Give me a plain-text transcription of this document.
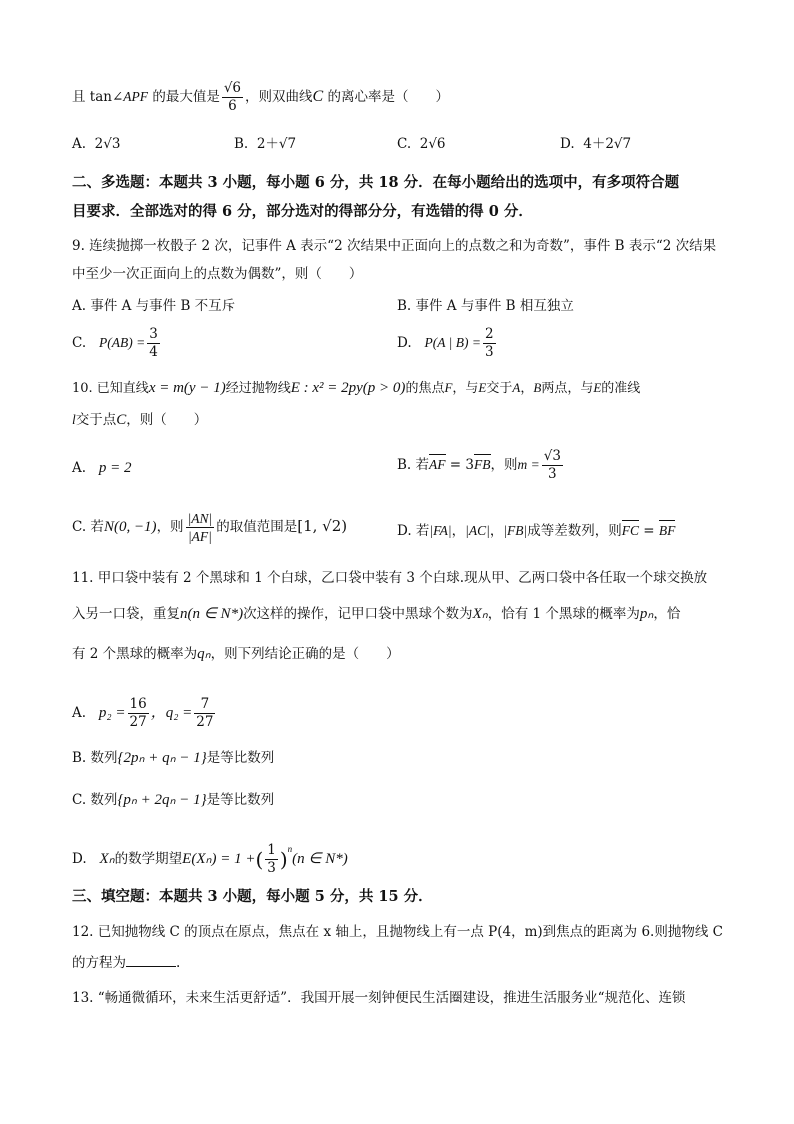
且 tan∠APF 的最大值是 $\frac{√6}{6}$ ，则双曲线C 的离心率是（　　）
A. 2√3	B. 2＋√7	C. 2√6	D. 4＋2√7
二、多选题：本题共 3 小题，每小题 6 分，共 18 分．在每小题给出的选项中，有多项符合题
目要求．全部选对的得 6 分，部分选对的得部分分，有选错的得 0 分．
9. 连续抛掷一枚骰子 2 次，记事件 A 表示“2 次结果中正面向上的点数之和为奇数”，事件 B 表示“2 次结果
中至少一次正面向上的点数为偶数”，则（　　）
A. 事件 A 与事件 B 不互斥	B. 事件 A 与事件 B 相互独立
C. $P(AB) = \frac{3}{4}$	D. P(A | $B) = \frac{2}{3}$
10. 已知直线x = m(y − 1)经过抛物线E : x² = 2py(p > 0)的焦点F，与E交于A，B两点，与E的准线
l交于点C，则（　　）
A. p = 2	B. 若AF = 3FB，则$m = \frac{√3}{3}$
C. 若N(0, −1)，则 $\frac{|AN|}{|AF|}$ 的取值范围是[1, √2)	D. 若|FA|，|AC|，|FB|成等差数列，则FC = BF
11. 甲口袋中装有 2 个黑球和 1 个白球，乙口袋中装有 3 个白球.现从甲、乙两口袋中各任取一个球交换放
入另一口袋，重复n(n ∈ N*)次这样的操作，记甲口袋中黑球个数为Xₙ，恰有 1 个黑球的概率为pₙ，恰
有 2 个黑球的概率为qₙ，则下列结论正确的是（　　）
A. $p_2 = \frac{16}{27}$ ，$q_2 = \frac{7}{27}$
B. 数列{2pₙ + qₙ − 1}是等比数列
C. 数列{pₙ + 2qₙ − 1}是等比数列
D. Xₙ的数学期望E(Xₙ) = 1 +( $\frac{1}{3} )^n(n$ ∈ N*)
三、填空题：本题共 3 小题，每小题 5 分，共 15 分．
12. 已知抛物线 C 的顶点在原点，焦点在 x 轴上，且抛物线上有一点 P(4，m)到焦点的距离为 6.则抛物线 C
的方程为	.
13. “畅通微循环，未来生活更舒适”．我国开展一刻钟便民生活圈建设，推进生活服务业“规范化、连锁
